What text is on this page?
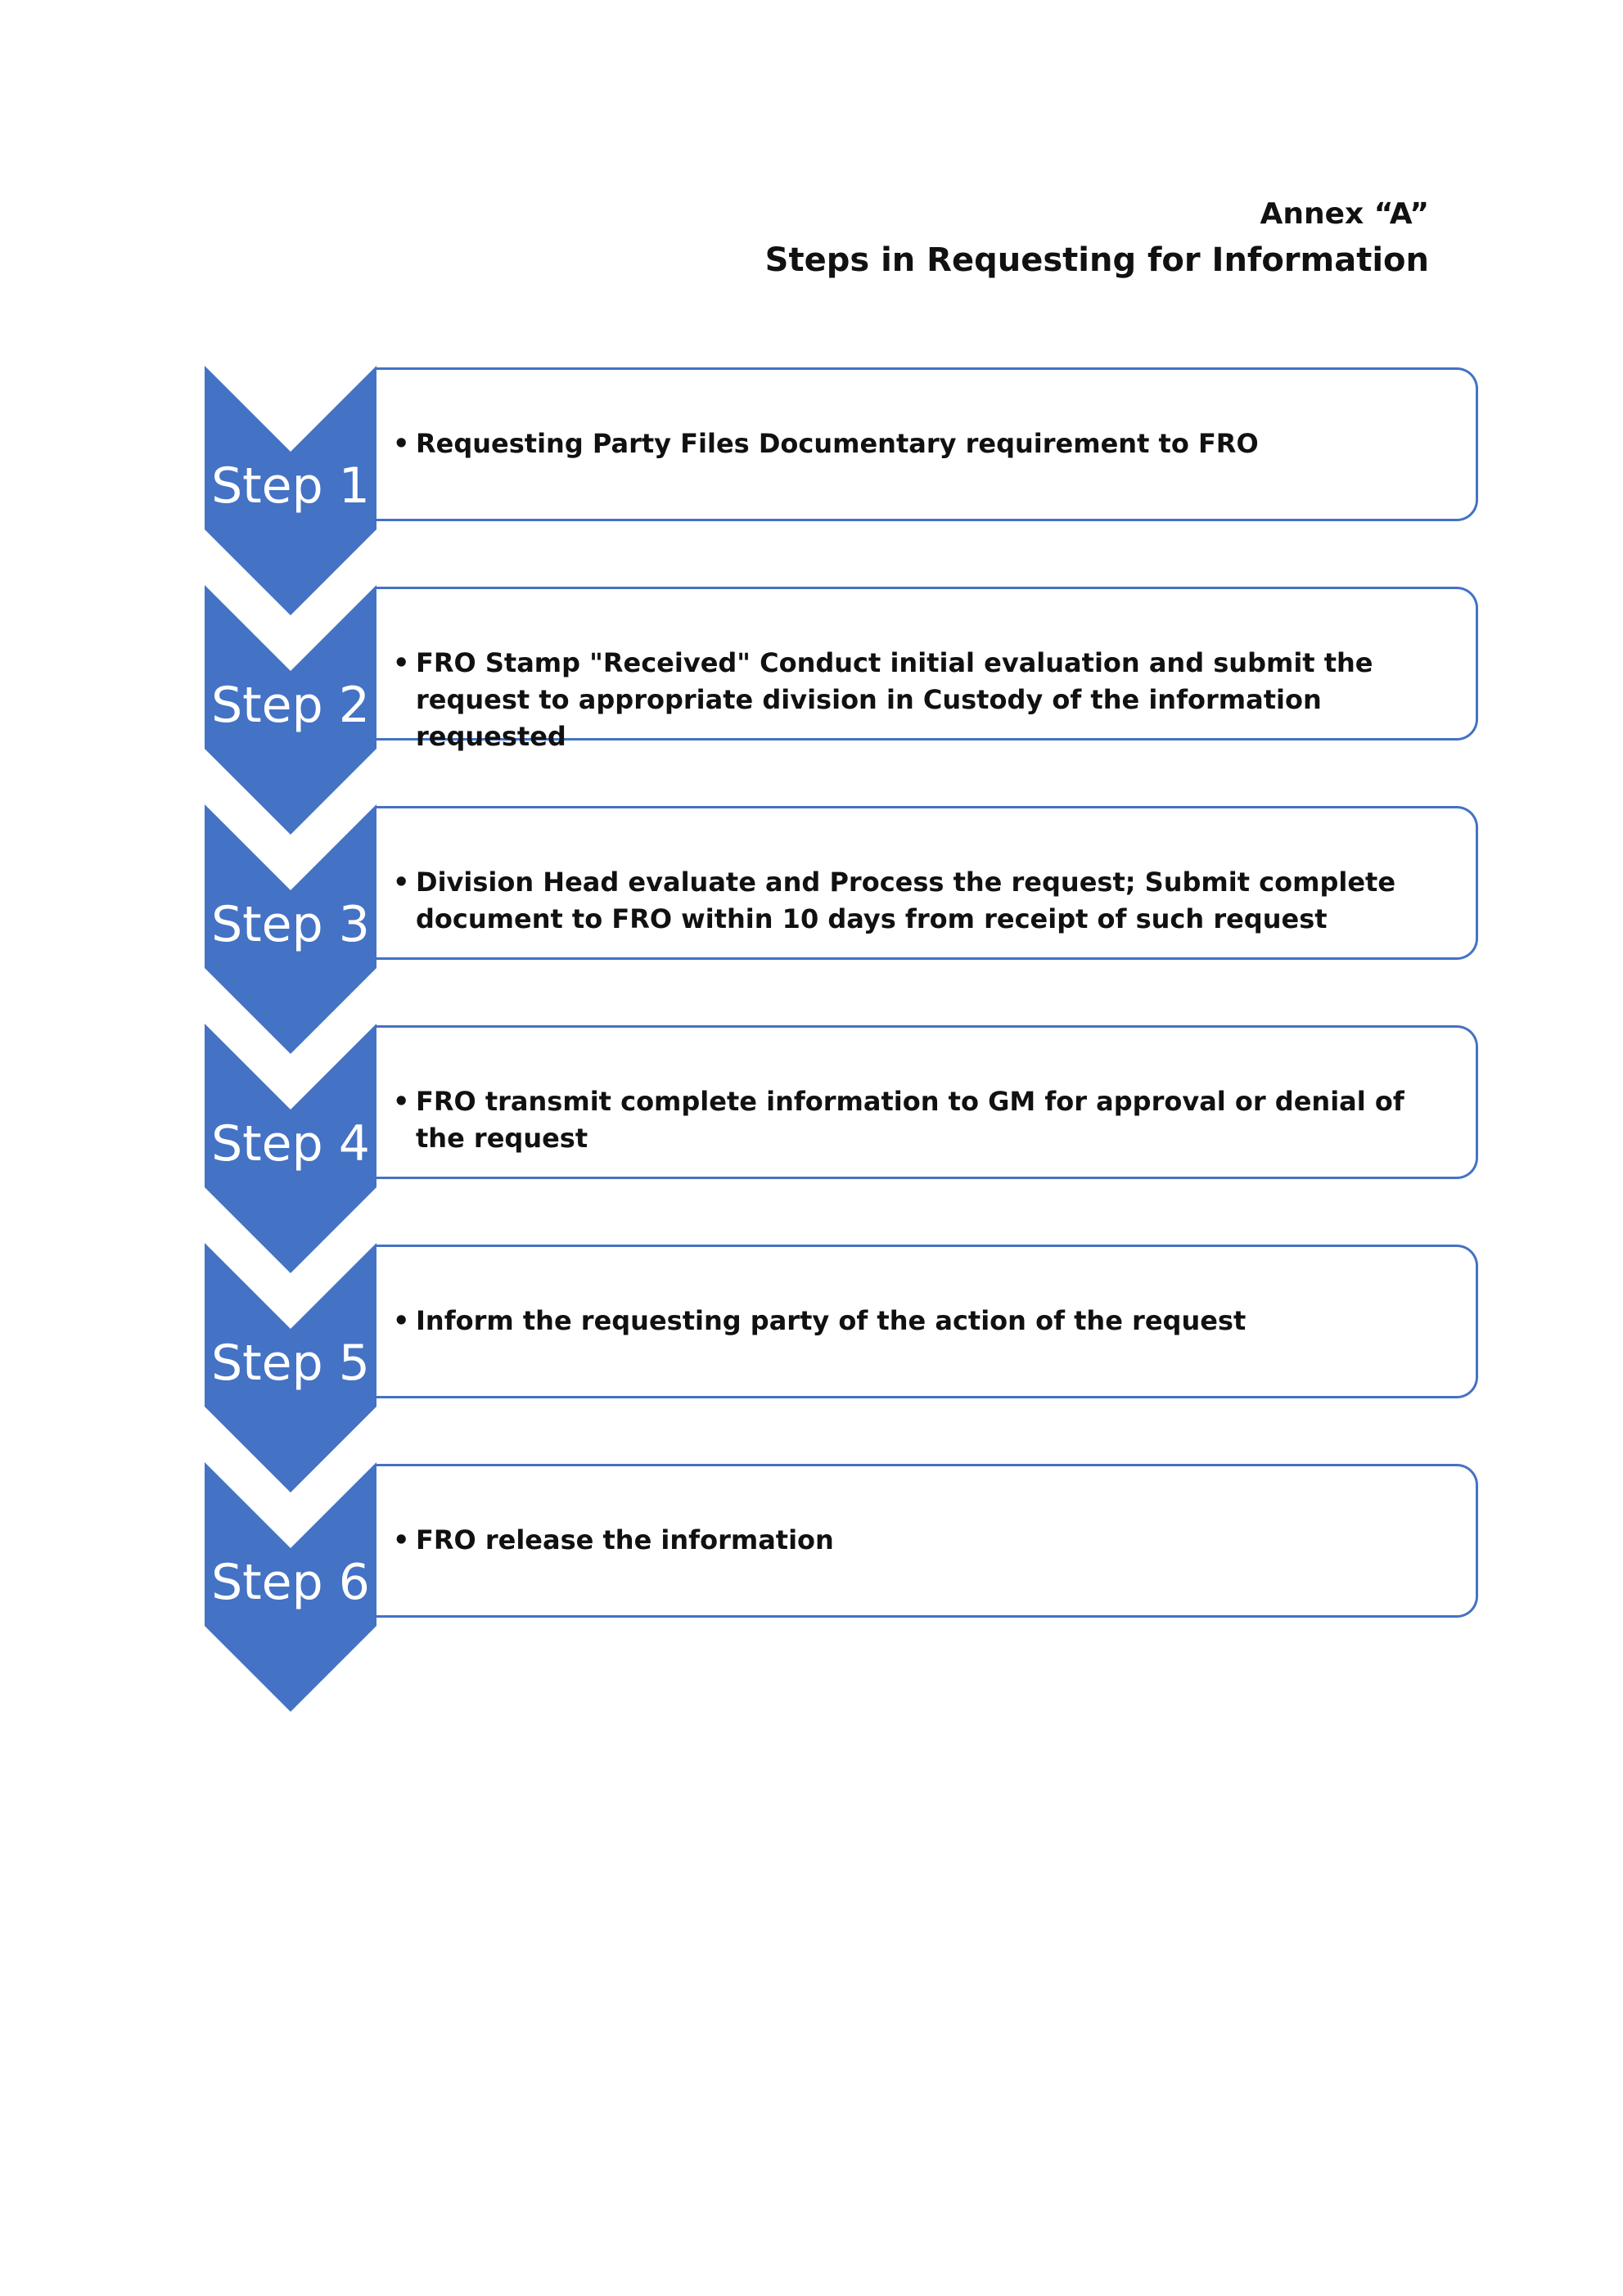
Annex “A”
Steps in Requesting for Information
• Requesting Party Files Documentary requirement to FRO
Step 1
• FRO Stamp "Received" Conduct initial evaluation and submit the request to appropriate division in Custody of the information requested
Step 2
• Division Head evaluate and Process the request; Submit complete document to FRO within 10 days from receipt of such request
Step 3
• FRO transmit complete information to GM for approval or denial of the request
Step 4
• Inform the requesting party of the action of the request
Step 5
• FRO release the information
Step 6
